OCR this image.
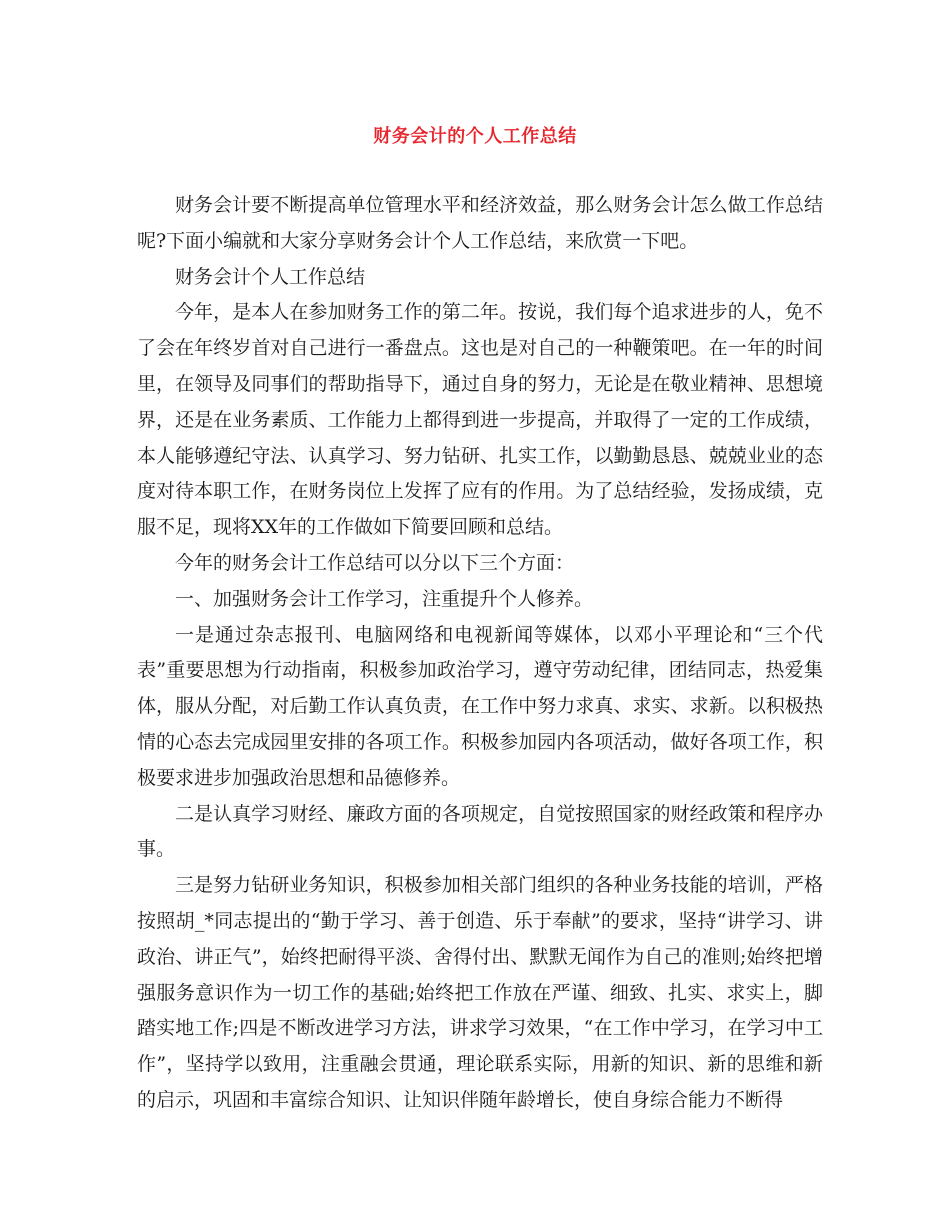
财务会计的个人工作总结

财务会计要不断提高单位管理水平和经济效益，那么财务会计怎么做工作总结呢?下面小编就和大家分享财务会计个人工作总结，来欣赏一下吧。

财务会计个人工作总结

今年，是本人在参加财务工作的第二年。按说，我们每个追求进步的人，免不了会在年终岁首对自己进行一番盘点。这也是对自己的一种鞭策吧。在一年的时间里，在领导及同事们的帮助指导下，通过自身的努力，无论是在敬业精神、思想境界，还是在业务素质、工作能力上都得到进一步提高，并取得了一定的工作成绩，本人能够遵纪守法、认真学习、努力钻研、扎实工作，以勤勤恳恳、兢兢业业的态度对待本职工作，在财务岗位上发挥了应有的作用。为了总结经验，发扬成绩，克服不足，现将XX年的工作做如下简要回顾和总结。

今年的财务会计工作总结可以分以下三个方面：

一、加强财务会计工作学习，注重提升个人修养。

一是通过杂志报刊、电脑网络和电视新闻等媒体，以邓小平理论和“三个代表”重要思想为行动指南，积极参加政治学习，遵守劳动纪律，团结同志，热爱集体，服从分配，对后勤工作认真负责，在工作中努力求真、求实、求新。以积极热情的心态去完成园里安排的各项工作。积极参加园内各项活动，做好各项工作，积极要求进步加强政治思想和品德修养。

二是认真学习财经、廉政方面的各项规定，自觉按照国家的财经政策和程序办事。

三是努力钻研业务知识，积极参加相关部门组织的各种业务技能的培训，严格按照胡_*同志提出的“勤于学习、善于创造、乐于奉献”的要求，坚持“讲学习、讲政治、讲正气”，始终把耐得平淡、舍得付出、默默无闻作为自己的准则;始终把增强服务意识作为一切工作的基础;始终把工作放在严谨、细致、扎实、求实上，脚踏实地工作;四是不断改进学习方法，讲求学习效果，“在工作中学习，在学习中工作”，坚持学以致用，注重融会贯通，理论联系实际，用新的知识、新的思维和新的启示，巩固和丰富综合知识、让知识伴随年龄增长，使自身综合能力不断得
